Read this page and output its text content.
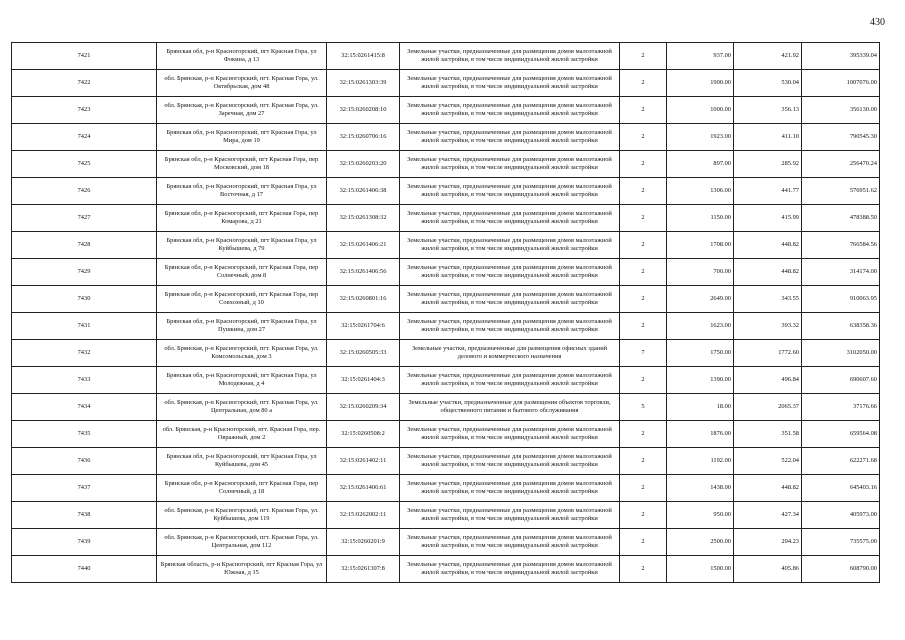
430
7421	Брянская обл, р-н Красногорский, пгт Красная Гора, ул Фокина, д 13	32:15:0261415:8	Земельные участки, предназначенные для размещения домов малоэтажной жилой застройки, в том числе индивидуальной жилой застройки	2	937.00	421.92	395339.04
7422	обл. Брянская, р-н Красногорский, пгт. Красная Гора, ул. Октябрьская, дом 48	32:15:0261303:39	Земельные участки, предназначенные для размещения домов малоэтажной жилой застройки, в том числе индивидуальной жилой застройки	2	1900.00	530.04	1007076.00
7423	обл. Брянская, р-н Красногорский, пгт. Красная Гора, ул. Заречная, дом 27	32:15:0260208:10	Земельные участки, предназначенные для размещения домов малоэтажной жилой застройки, в том числе индивидуальной жилой застройки	2	1000.00	356.13	356130.00
7424	Брянская обл, р-н Красногорский, пгт Красная Гора, ул Мира, дом 19	32:15:0260706:16	Земельные участки, предназначенные для размещения домов малоэтажной жилой застройки, в том числе индивидуальной жилой застройки	2	1923.00	411.10	790545.30
7425	Брянская обл, р-н Красногорский, пгт Красная Гора, пер Московский, дом 18	32:15:0260203:20	Земельные участки, предназначенные для размещения домов малоэтажной жилой застройки, в том числе индивидуальной жилой застройки	2	897.00	285.92	256470.24
7426	Брянская обл, р-н Красногорский, пгт Красная Гора, ул Восточная, д 17	32:15:0261406:38	Земельные участки, предназначенные для размещения домов малоэтажной жилой застройки, в том числе индивидуальной жилой застройки	2	1306.00	441.77	576951.62
7427	Брянская обл, р-н Красногорский, пгт Красная Гора, пер Комарова, д 21	32:15:0261308:32	Земельные участки, предназначенные для размещения домов малоэтажной жилой застройки, в том числе индивидуальной жилой застройки	2	1150.00	415.99	478388.50
7428	Брянская обл, р-н Красногорский, пгт Красная Гора, ул Куйбышева, д 79	32:15:0261406:21	Земельные участки, предназначенные для размещения домов малоэтажной жилой застройки, в том числе индивидуальной жилой застройки	2	1708.00	448.82	766584.56
7429	Брянская обл, р-н Красногорский, пгт Красная Гора, пер Солнечный, дом 8	32:15:0261406:56	Земельные участки, предназначенные для размещения домов малоэтажной жилой застройки, в том числе индивидуальной жилой застройки	2	700.00	448.82	314174.00
7430	Брянская обл, р-н Красногорский, пгт Красная Гора, пер Совхозный, д 10	32:15:0260801:16	Земельные участки, предназначенные для размещения домов малоэтажной жилой застройки, в том числе индивидуальной жилой застройки	2	2649.00	343.55	910063.95
7431	Брянская обл, р-н Красногорский, пгт Красная Гора, ул Пушкина, дом 27	32:15:0261704:6	Земельные участки, предназначенные для размещения домов малоэтажной жилой застройки, в том числе индивидуальной жилой застройки	2	1623.00	393.32	638358.36
7432	обл. Брянская, р-н Красногорский, пгт. Красная Гора, ул. Комсомольская, дом 3	32:15:0260505:33	Земельные участки, предназначенные для размещения офисных зданий делового и коммерческого назначения	7	1750.00	1772.60	3102050.00
7433	Брянская обл, р-н Красногорский, пгт Красная Гора, ул Молодежная, д 4	32:15:0261404:3	Земельные участки, предназначенные для размещения домов малоэтажной жилой застройки, в том числе индивидуальной жилой застройки	2	1390.00	496.84	690607.60
7434	обл. Брянская, р-н Красногорский, пгт. Красная Гора, ул. Центральная, дом 80 а	32:15:0260209:34	Земельные участки, предназначенные для размещения объектов торговли, общественного питания и бытового обслуживания	5	18.00	2065.37	37176.66
7435	обл. Брянская, р-н Красногорский, пгт. Красная Гора, пер. Овражный, дом 2	32:15:0260508:2	Земельные участки, предназначенные для размещения домов малоэтажной жилой застройки, в том числе индивидуальной жилой застройки	2	1876.00	351.58	659564.08
7436	Брянская обл, р-н Красногорский, пгт Красная Гора, ул Куйбышева, дом 45	32:15:0261402:11	Земельные участки, предназначенные для размещения домов малоэтажной жилой застройки, в том числе индивидуальной жилой застройки	2	1192.00	522.04	622271.68
7437	Брянская обл, р-н Красногорский, пгт Красная Гора, пер Солнечный, д 18	32:15:0261406:61	Земельные участки, предназначенные для размещения домов малоэтажной жилой застройки, в том числе индивидуальной жилой застройки	2	1438.00	448.82	645403.16
7438	обл. Брянская, р-н Красногорский, пгт. Красная Гора, ул. Куйбышева, дом 119	32:15:0262002:11	Земельные участки, предназначенные для размещения домов малоэтажной жилой застройки, в том числе индивидуальной жилой застройки	2	950.00	427.34	405973.00
7439	обл. Брянская, р-н Красногорский, пгт. Красная Гора, ул. Центральная, дом 112	32:15:0260201:9	Земельные участки, предназначенные для размещения домов малоэтажной жилой застройки, в том числе индивидуальной жилой застройки	2	2500.00	294.23	735575.00
7440	Брянская область, р-н Красногорский, пгт Красная Гора, ул Южная, д 15	32:15:0261307:8	Земельные участки, предназначенные для размещения домов малоэтажной жилой застройки, в том числе индивидуальной жилой застройки	2	1500.00	405.86	608790.00
